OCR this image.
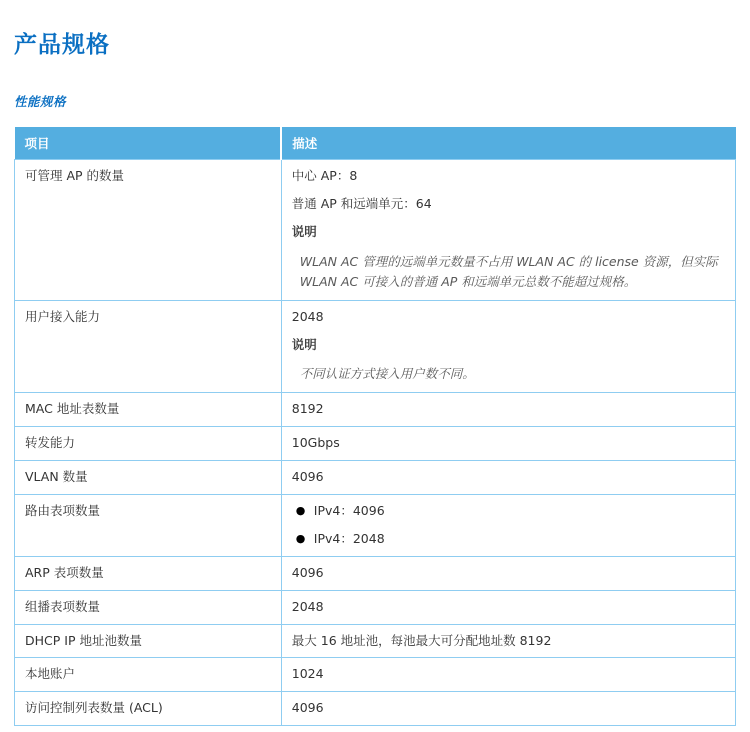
产品规格
性能规格
项目	描述
可管理 AP 的数量	中心 AP：8
普通 AP 和远端单元：64
说明
WLAN AC 管理的远端单元数量不占用 WLAN AC 的 license 资源，但实际 WLAN AC 可接入的普通 AP 和远端单元总数不能超过规格。

用户接入能力	2048
说明
不同认证方式接入用户数不同。

MAC 地址表数量	8192

转发能力	10Gbps

VLAN 数量	4096

路由表项数量	● IPv4：4096
● IPv4：2048

ARP 表项数量	4096

组播表项数量	2048

DHCP IP 地址池数量	最大 16 地址池，每池最大可分配地址数 8192

本地账户	1024

访问控制列表数量 (ACL)	4096
